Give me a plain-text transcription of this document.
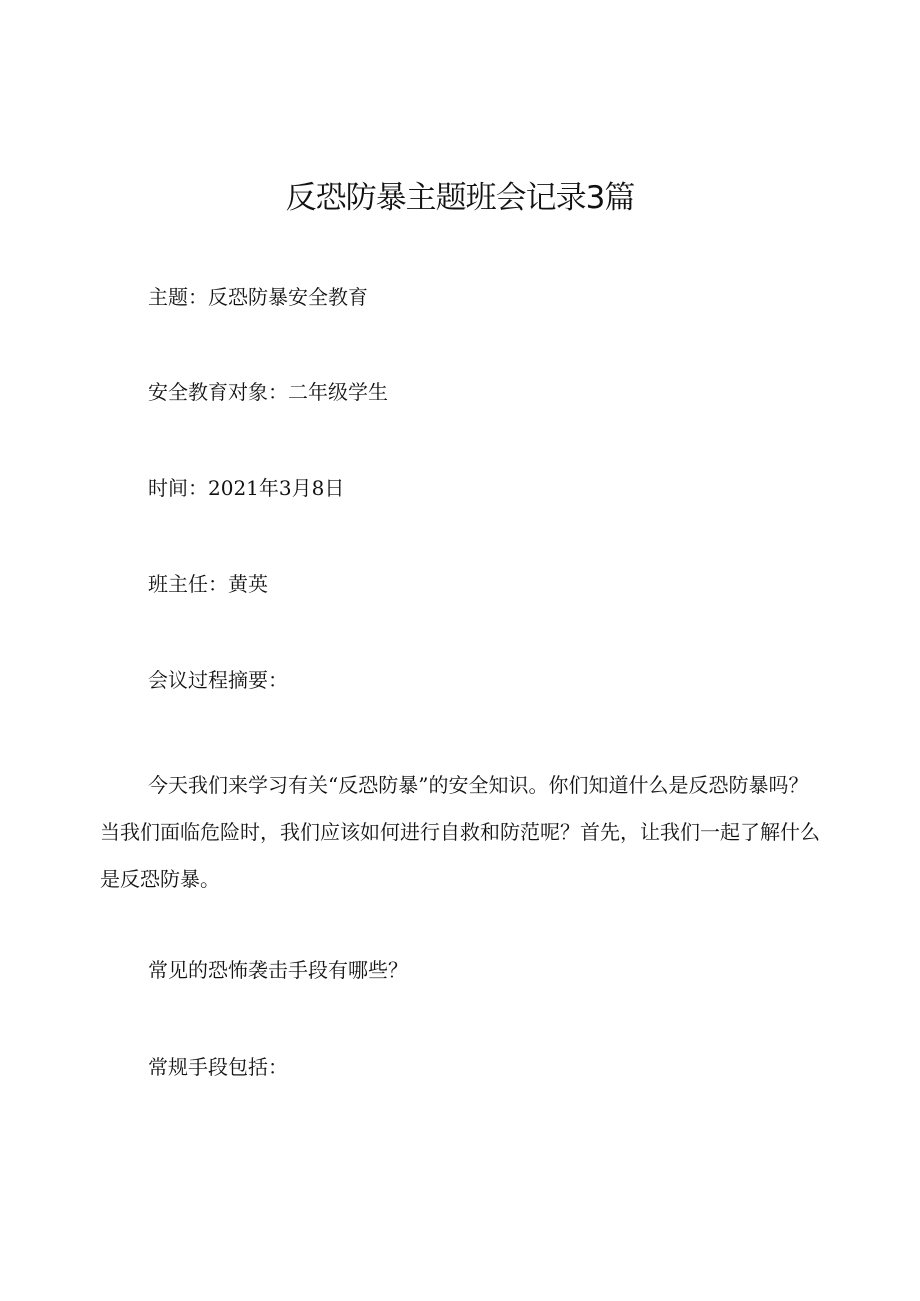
反恐防暴主题班会记录3篇

主题：反恐防暴安全教育

安全教育对象：二年级学生

时间：2021年3月8日

班主任：黄英

会议过程摘要：

今天我们来学习有关“反恐防暴”的安全知识。你们知道什么是反恐防暴吗？当我们面临危险时，我们应该如何进行自救和防范呢？首先，让我们一起了解什么是反恐防暴。

常见的恐怖袭击手段有哪些？

常规手段包括：
